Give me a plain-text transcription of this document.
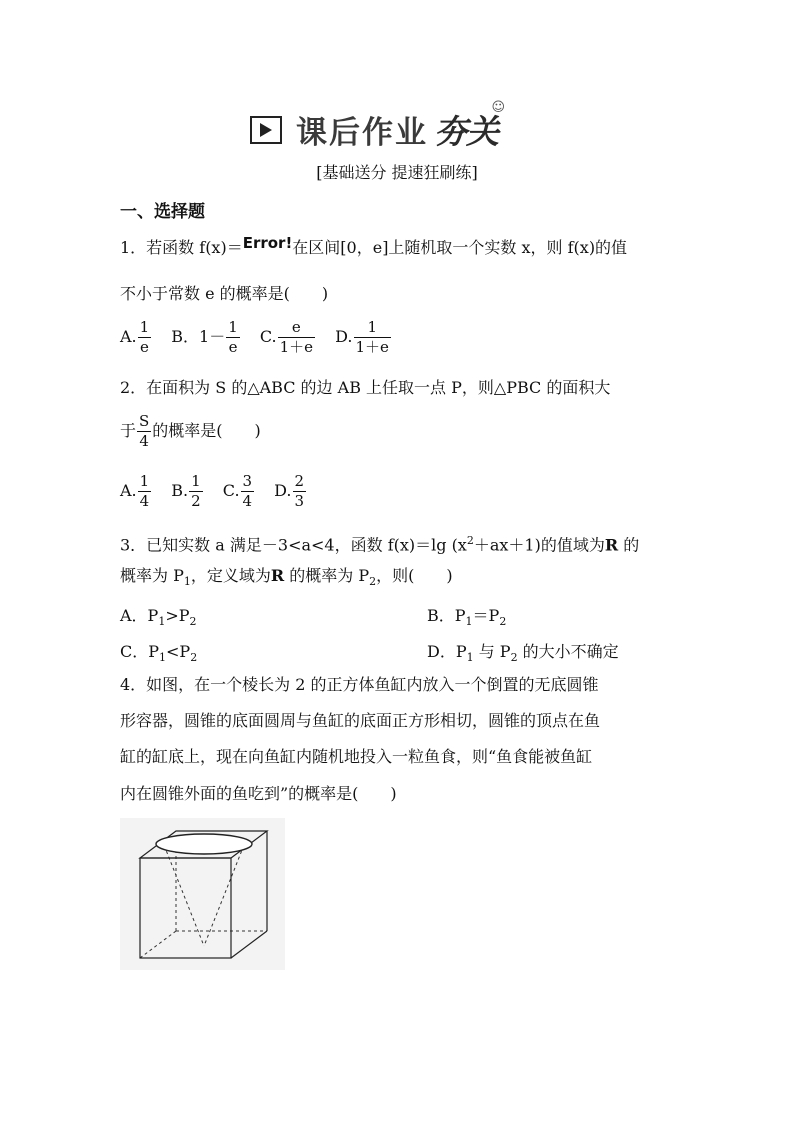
课后作业 夯关
☺
[基础送分 提速狂刷练]
一、选择题
1．若函数 f(x)＝Error!在区间[0，e]上随机取一个实数 x，则 f(x)的值
不小于常数 e 的概率是(　　)
A. $\frac{1}{e}$ B．$1- \frac{1}{e} C$. $\frac{e}{1+e} D$. $\frac{1}{1+e}$
2．在面积为 S 的△ABC 的边 AB 上任取一点 P，则△PBC 的面积大
于 $\frac{S}{4}$ 的概率是(　　)
A. $\frac{1}{4} B$. $\frac{1}{2} C$. $\frac{3}{4} D$. $\frac{2}{3}$
3．已知实数 a 满足－3<a<4，函数 f(x)＝lg $(x^2+ax+1)$的值域为R 的
概率为 $P_1$，定义域为R 的概率为 $P_2$，则(　　)
A．$P_1>P_2$	B．$P_1=P_2$
C．$P_1<P_2$	D．$P_1$ 与 $P_2$ 的大小不确定
4．如图，在一个棱长为 2 的正方体鱼缸内放入一个倒置的无底圆锥
形容器，圆锥的底面圆周与鱼缸的底面正方形相切，圆锥的顶点在鱼
缸的缸底上，现在向鱼缸内随机地投入一粒鱼食，则“鱼食能被鱼缸
内在圆锥外面的鱼吃到”的概率是(　　)
